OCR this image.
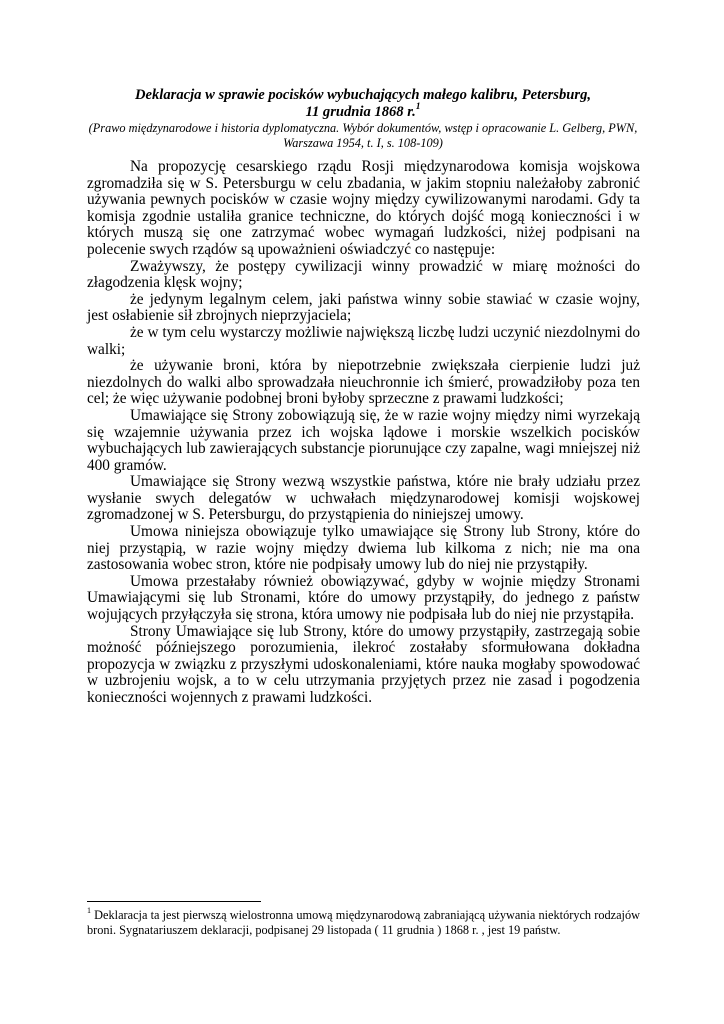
Deklaracja w sprawie pocisków wybuchających małego kalibru, Petersburg,
11 grudnia 1868 r.$^1$

(Prawo międzynarodowe i historia dyplomatyczna. Wybór dokumentów, wstęp i opracowanie L. Gelberg, PWN, Warszawa 1954, t. I, s. 108-109)

Na propozycję cesarskiego rządu Rosji międzynarodowa komisja wojskowa zgromadziła się w S. Petersburgu w celu zbadania, w jakim stopniu należałoby zabronić używania pewnych pocisków w czasie wojny między cywilizowanymi narodami. Gdy ta komisja zgodnie ustaliła granice techniczne, do których dojść mogą konieczności i w których muszą się one zatrzymać wobec wymagań ludzkości, niżej podpisani na polecenie swych rządów są upoważnieni oświadczyć co następuje:

Zważywszy, że postępy cywilizacji winny prowadzić w miarę możności do złagodzenia klęsk wojny;

że jedynym legalnym celem, jaki państwa winny sobie stawiać w czasie wojny, jest osłabienie sił zbrojnych nieprzyjaciela;

że w tym celu wystarczy możliwie największą liczbę ludzi uczynić niezdolnymi do walki;

że używanie broni, która by niepotrzebnie zwiększała cierpienie ludzi już niezdolnych do walki albo sprowadzała nieuchronnie ich śmierć, prowadziłoby poza ten cel; że więc używanie podobnej broni byłoby sprzeczne z prawami ludzkości;

Umawiające się Strony zobowiązują się, że w razie wojny między nimi wyrzekają się wzajemnie używania przez ich wojska lądowe i morskie wszelkich pocisków wybuchających lub zawierających substancje piorunujące czy zapalne, wagi mniejszej niż 400 gramów.

Umawiające się Strony wezwą wszystkie państwa, które nie brały udziału przez wysłanie swych delegatów w uchwałach międzynarodowej komisji wojskowej zgromadzonej w S. Petersburgu, do przystąpienia do niniejszej umowy.

Umowa niniejsza obowiązuje tylko umawiające się Strony lub Strony, które do niej przystąpią, w razie wojny między dwiema lub kilkoma z nich; nie ma ona zastosowania wobec stron, które nie podpisały umowy lub do niej nie przystąpiły.

Umowa przestałaby również obowiązywać, gdyby w wojnie między Stronami Umawiającymi się lub Stronami, które do umowy przystąpiły, do jednego z państw wojujących przyłączyła się strona, która umowy nie podpisała lub do niej nie przystąpiła.

Strony Umawiające się lub Strony, które do umowy przystąpiły, zastrzegają sobie możność późniejszego porozumienia, ilekroć zostałaby sformułowana dokładna propozycja w związku z przyszłymi udoskonaleniami, które nauka mogłaby spowodować w uzbrojeniu wojsk, a to w celu utrzymania przyjętych przez nie zasad i pogodzenia konieczności wojennych z prawami ludzkości.

$^1$ Deklaracja ta jest pierwszą wielostronna umową międzynarodową zabraniającą używania niektórych rodzajów broni. Sygnatariuszem deklaracji, podpisanej 29 listopada ( 11 grudnia ) 1868 r. , jest 19 państw.
